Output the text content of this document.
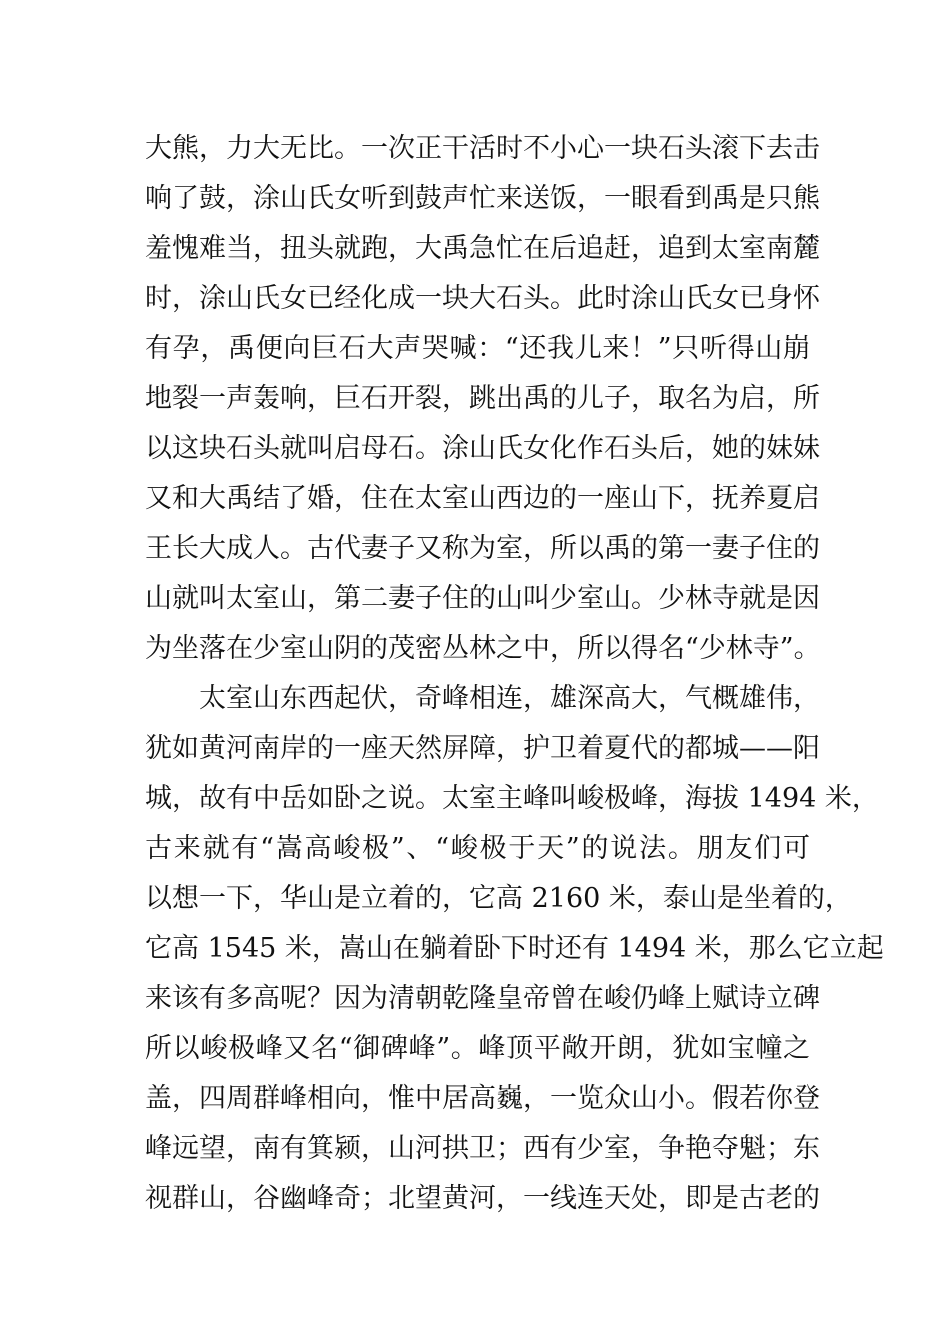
大熊，力大无比。一次正干活时不小心一块石头滚下去击
响了鼓，涂山氏女听到鼓声忙来送饭，一眼看到禹是只熊
羞愧难当，扭头就跑，大禹急忙在后追赶，追到太室南麓
时，涂山氏女已经化成一块大石头。此时涂山氏女已身怀
有孕，禹便向巨石大声哭喊：“还我儿来！”只听得山崩
地裂一声轰响，巨石开裂，跳出禹的儿子，取名为启，所
以这块石头就叫启母石。涂山氏女化作石头后，她的妹妹
又和大禹结了婚，住在太室山西边的一座山下，抚养夏启
王长大成人。古代妻子又称为室，所以禹的第一妻子住的
山就叫太室山，第二妻子住的山叫少室山。少林寺就是因
为坐落在少室山阴的茂密丛林之中，所以得名“少林寺”。
太室山东西起伏，奇峰相连，雄深高大，气概雄伟，
犹如黄河南岸的一座天然屏障，护卫着夏代的都城——阳
城，故有中岳如卧之说。太室主峰叫峻极峰，海拔 1494 米，
古来就有“嵩高峻极”、“峻极于天”的说法。朋友们可
以想一下，华山是立着的，它高 2160 米，泰山是坐着的，
它高 1545 米，嵩山在躺着卧下时还有 1494 米，那么它立起
来该有多高呢？因为清朝乾隆皇帝曾在峻仍峰上赋诗立碑
所以峻极峰又名“御碑峰”。峰顶平敞开朗，犹如宝幢之
盖，四周群峰相向，惟中居高巍，一览众山小。假若你登
峰远望，南有箕颍，山河拱卫；西有少室，争艳夺魁；东
视群山，谷幽峰奇；北望黄河，一线连天处，即是古老的
